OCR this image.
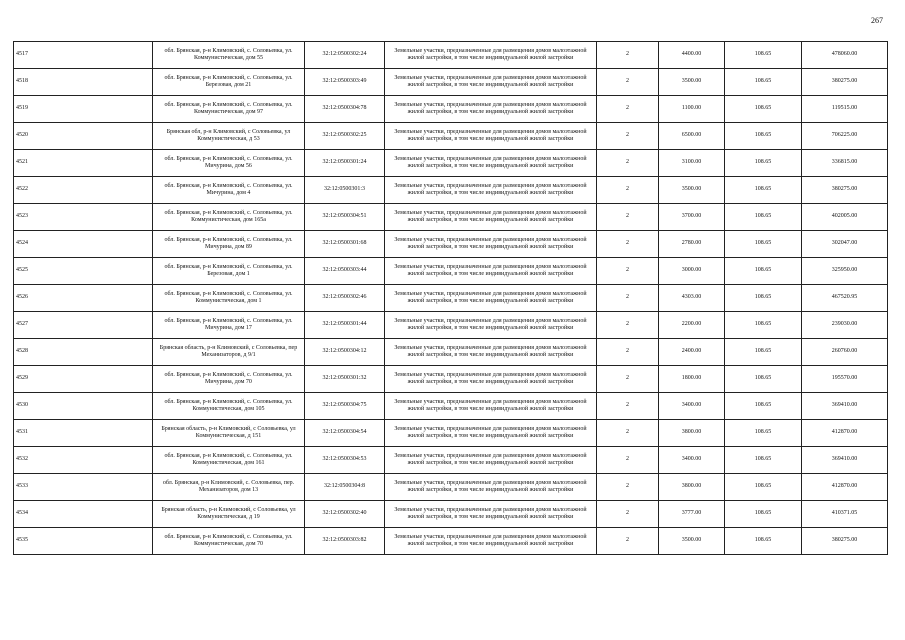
267
4517	обл. Брянская, р-н Климовский, с. Соловьевка, ул. Коммунистическая, дом 55	32:12:0500302:24	Земельные участки, предназначенные для размещения домов малоэтажной жилой застройки, в том числе индивидуальной жилой застройки	2	4400.00	108.65	478060.00
4518	обл. Брянская, р-н Климовский, с. Соловьевка, ул. Березовая, дом 21	32:12:0500303:49	Земельные участки, предназначенные для размещения домов малоэтажной жилой застройки, в том числе индивидуальной жилой застройки	2	3500.00	108.65	380275.00
4519	обл. Брянская, р-н Климовский, с. Соловьевка, ул. Коммунистическая, дом 97	32:12:0500304:78	Земельные участки, предназначенные для размещения домов малоэтажной жилой застройки, в том числе индивидуальной жилой застройки	2	1100.00	108.65	119515.00
4520	Брянская обл, р-н Климовский, с Соловьевка, ул Коммунистическая, д 53	32:12:0500302:25	Земельные участки, предназначенные для размещения домов малоэтажной жилой застройки, в том числе индивидуальной жилой застройки	2	6500.00	108.65	706225.00
4521	обл. Брянская, р-н Климовский, с. Соловьевка, ул. Мичурина, дом 56	32:12:0500301:24	Земельные участки, предназначенные для размещения домов малоэтажной жилой застройки, в том числе индивидуальной жилой застройки	2	3100.00	108.65	336815.00
4522	обл. Брянская, р-н Климовский, с. Соловьевка, ул. Мичурина, дом 4	32:12:0500301:3	Земельные участки, предназначенные для размещения домов малоэтажной жилой застройки, в том числе индивидуальной жилой застройки	2	3500.00	108.65	380275.00
4523	обл. Брянская, р-н Климовский, с. Соловьевка, ул. Коммунистическая, дом 165а	32:12:0500304:51	Земельные участки, предназначенные для размещения домов малоэтажной жилой застройки, в том числе индивидуальной жилой застройки	2	3700.00	108.65	402005.00
4524	обл. Брянская, р-н Климовский, с. Соловьевка, ул. Мичурина, дом 89	32:12:0500301:68	Земельные участки, предназначенные для размещения домов малоэтажной жилой застройки, в том числе индивидуальной жилой застройки	2	2780.00	108.65	302047.00
4525	обл. Брянская, р-н Климовский, с. Соловьевка, ул. Березовая, дом 1	32:12:0500303:44	Земельные участки, предназначенные для размещения домов малоэтажной жилой застройки, в том числе индивидуальной жилой застройки	2	3000.00	108.65	325950.00
4526	обл. Брянская, р-н Климовский, с. Соловьевка, ул. Коммунистическая, дом 1	32:12:0500302:46	Земельные участки, предназначенные для размещения домов малоэтажной жилой застройки, в том числе индивидуальной жилой застройки	2	4303.00	108.65	467520.95
4527	обл. Брянская, р-н Климовский, с. Соловьевка, ул. Мичурина, дом 17	32:12:0500301:44	Земельные участки, предназначенные для размещения домов малоэтажной жилой застройки, в том числе индивидуальной жилой застройки	2	2200.00	108.65	239030.00
4528	Брянская область, р-н Климовский, с Соловьевка, пер Механизаторов, д 9/1	32:12:0500304:12	Земельные участки, предназначенные для размещения домов малоэтажной жилой застройки, в том числе индивидуальной жилой застройки	2	2400.00	108.65	260760.00
4529	обл. Брянская, р-н Климовский, с. Соловьевка, ул. Мичурина, дом 70	32:12:0500301:32	Земельные участки, предназначенные для размещения домов малоэтажной жилой застройки, в том числе индивидуальной жилой застройки	2	1800.00	108.65	195570.00
4530	обл. Брянская, р-н Климовский, с. Соловьевка, ул. Коммунистическая, дом 105	32:12:0500304:75	Земельные участки, предназначенные для размещения домов малоэтажной жилой застройки, в том числе индивидуальной жилой застройки	2	3400.00	108.65	369410.00
4531	Брянская область, р-н Климовский, с Соловьевка, ул Коммунистическая, д 151	32:12:0500304:54	Земельные участки, предназначенные для размещения домов малоэтажной жилой застройки, в том числе индивидуальной жилой застройки	2	3800.00	108.65	412870.00
4532	обл. Брянская, р-н Климовский, с. Соловьевка, ул. Коммунистическая, дом 161	32:12:0500304:53	Земельные участки, предназначенные для размещения домов малоэтажной жилой застройки, в том числе индивидуальной жилой застройки	2	3400.00	108.65	369410.00
4533	обл. Брянская, р-н Климовский, с. Соловьевка, пер. Механизаторов, дом 13	32:12:0500304:8	Земельные участки, предназначенные для размещения домов малоэтажной жилой застройки, в том числе индивидуальной жилой застройки	2	3800.00	108.65	412870.00
4534	Брянская область, р-н Климовский, с Соловьевка, ул Коммунистическая, д 19	32:12:0500302:40	Земельные участки, предназначенные для размещения домов малоэтажной жилой застройки, в том числе индивидуальной жилой застройки	2	3777.00	108.65	410371.05
4535	обл. Брянская, р-н Климовский, с. Соловьевка, ул. Коммунистическая, дом 70	32:12:0500303:82	Земельные участки, предназначенные для размещения домов малоэтажной жилой застройки, в том числе индивидуальной жилой застройки	2	3500.00	108.65	380275.00
